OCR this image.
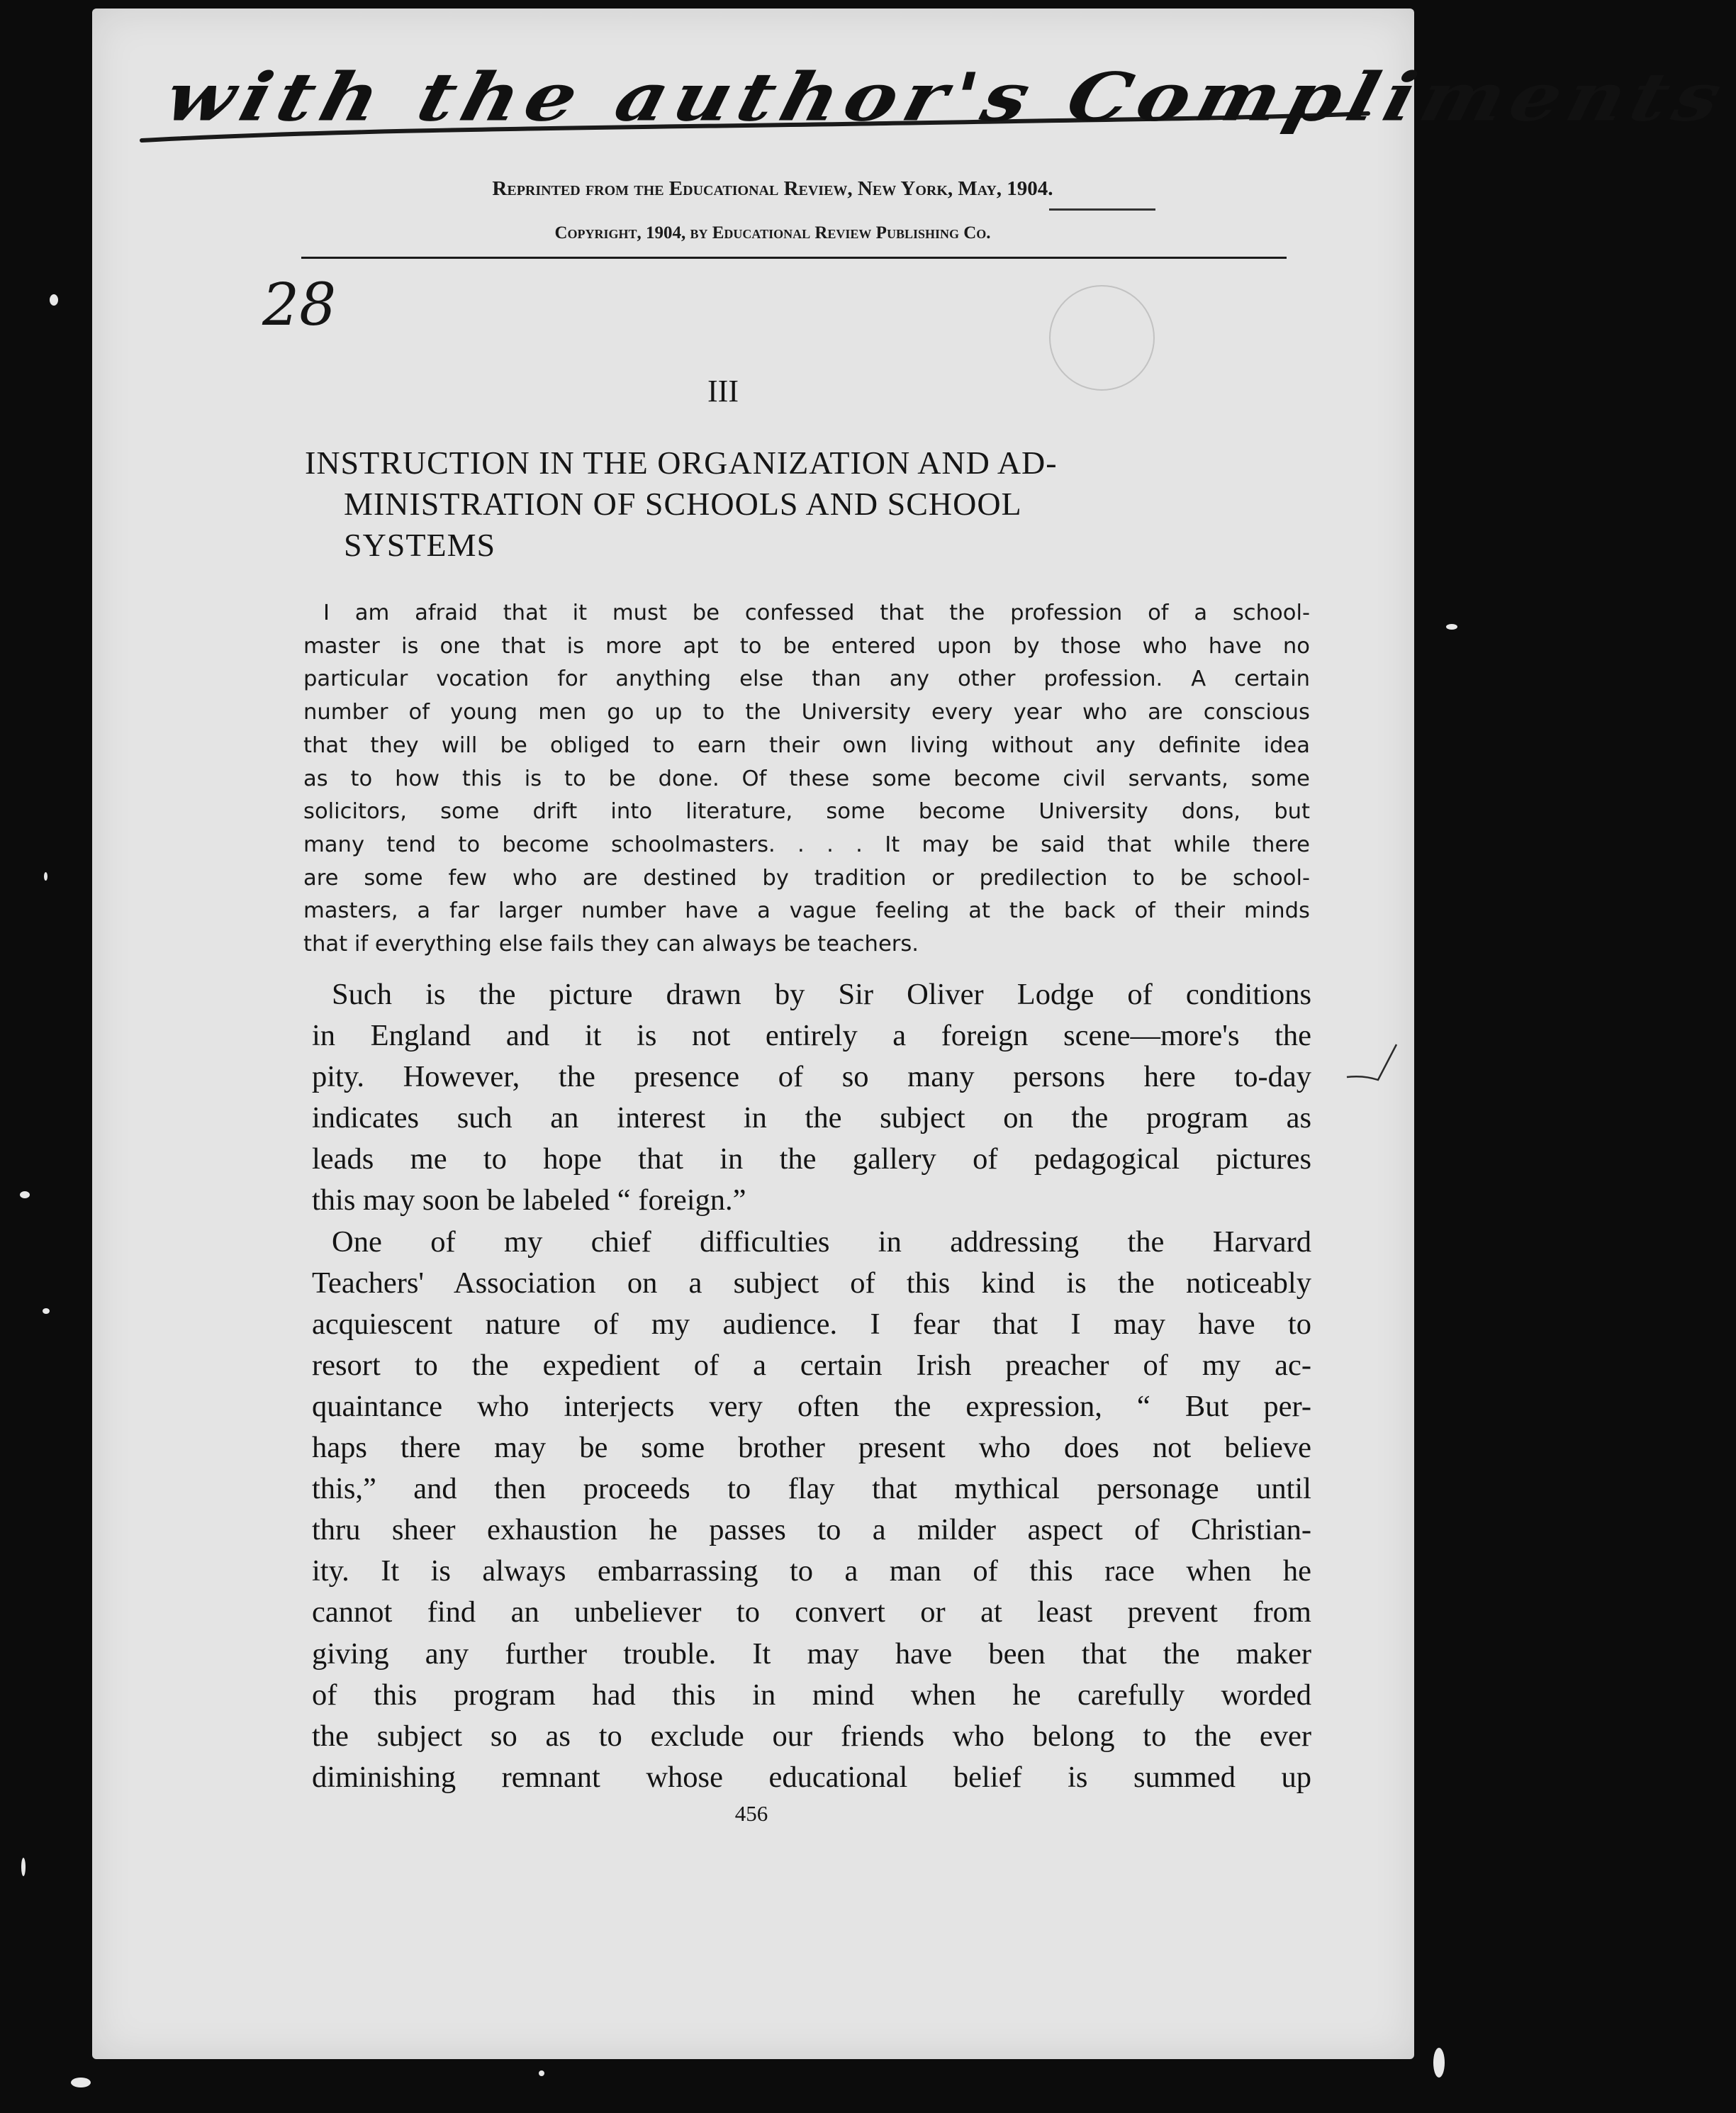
with the author's Compliments
Reprinted from the Educational Review, New York, May, 1904.
Copyright, 1904, by Educational Review Publishing Co.
28
III
INSTRUCTION IN THE ORGANIZATION AND AD-
MINISTRATION OF SCHOOLS AND SCHOOL
SYSTEMS
I am afraid that it must be confessed that the profession of a school-
master is one that is more apt to be entered upon by those who have no
particular vocation for anything else than any other profession. A certain
number of young men go up to the University every year who are conscious
that they will be obliged to earn their own living without any definite idea
as to how this is to be done. Of these some become civil servants, some
solicitors, some drift into literature, some become University dons, but
many tend to become schoolmasters. . . . It may be said that while there
are some few who are destined by tradition or predilection to be school-
masters, a far larger number have a vague feeling at the back of their minds
that if everything else fails they can always be teachers.
Such is the picture drawn by Sir Oliver Lodge of conditions
in England and it is not entirely a foreign scene—more's the
pity. However, the presence of so many persons here to-day
indicates such an interest in the subject on the program as
leads me to hope that in the gallery of pedagogical pictures
this may soon be labeled “ foreign.”
One of my chief difficulties in addressing the Harvard
Teachers' Association on a subject of this kind is the noticeably
acquiescent nature of my audience. I fear that I may have to
resort to the expedient of a certain Irish preacher of my ac-
quaintance who interjects very often the expression, “ But per-
haps there may be some brother present who does not believe
this,” and then proceeds to flay that mythical personage until
thru sheer exhaustion he passes to a milder aspect of Christian-
ity. It is always embarrassing to a man of this race when he
cannot find an unbeliever to convert or at least prevent from
giving any further trouble. It may have been that the maker
of this program had this in mind when he carefully worded
the subject so as to exclude our friends who belong to the ever
diminishing remnant whose educational belief is summed up
456
